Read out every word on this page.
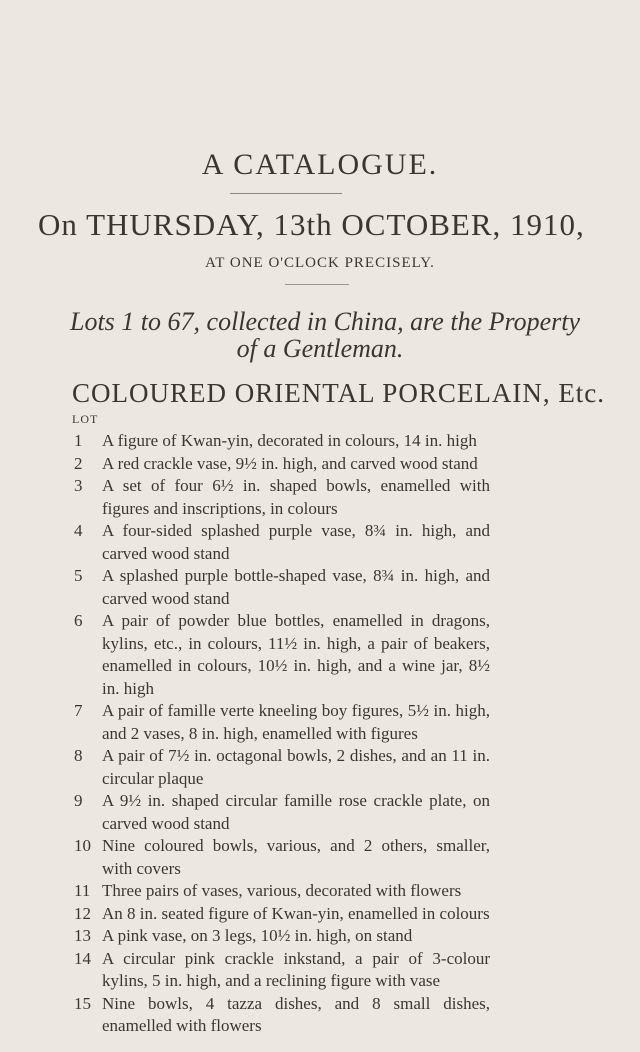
A CATALOGUE.
On THURSDAY, 13th OCTOBER, 1910,
AT ONE O'CLOCK PRECISELY.
Lots 1 to 67, collected in China, are the Property
of a Gentleman.
COLOURED ORIENTAL PORCELAIN, Etc.
LOT
1	A figure of Kwan-yin, decorated in colours, 14 in. high
2	A red crackle vase, 9½ in. high, and carved wood stand
3	A set of four 6½ in. shaped bowls, enamelled with figures and inscriptions, in colours
4	A four-sided splashed purple vase, 8¾ in. high, and carved wood stand
5	A splashed purple bottle-shaped vase, 8¾ in. high, and carved wood stand
6	A pair of powder blue bottles, enamelled in dragons, kylins, etc., in colours, 11½ in. high, a pair of beakers, enamelled in colours, 10½ in. high, and a wine jar, 8½ in. high
7	A pair of famille verte kneeling boy figures, 5½ in. high, and 2 vases, 8 in. high, enamelled with figures
8	A pair of 7½ in. octagonal bowls, 2 dishes, and an 11 in. circular plaque
9	A 9½ in. shaped circular famille rose crackle plate, on carved wood stand
10 Nine coloured bowls, various, and 2 others, smaller, with covers
11 Three pairs of vases, various, decorated with flowers
12 An 8 in. seated figure of Kwan-yin, enamelled in colours
13 A pink vase, on 3 legs, 10½ in. high, on stand
14 A circular pink crackle inkstand, a pair of 3-colour kylins, 5 in. high, and a reclining figure with vase
15 Nine bowls, 4 tazza dishes, and 8 small dishes, enamelled with flowers
